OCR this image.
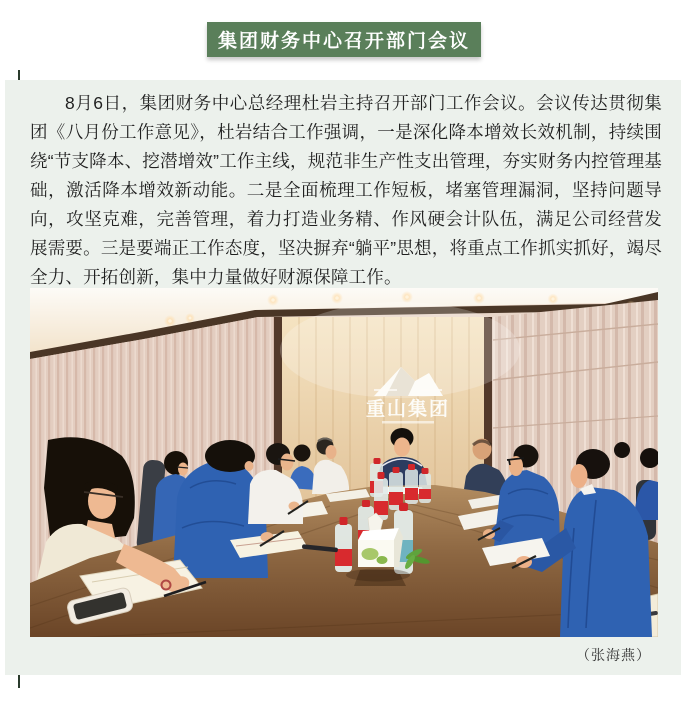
集团财务中心召开部门会议

8月6日，集团财务中心总经理杜岩主持召开部门工作会议。会议传达贯彻集团《八月份工作意见》，杜岩结合工作强调，一是深化降本增效长效机制，持续围绕“节支降本、挖潜增效”工作主线，规范非生产性支出管理，夯实财务内控管理基础，激活降本增效新动能。二是全面梳理工作短板，堵塞管理漏洞，坚持问题导向，攻坚克难，完善管理，着力打造业务精、作风硬会计队伍，满足公司经营发展需要。三是要端正工作态度，坚决摒弃“躺平”思想，将重点工作抓实抓好，竭尽全力、开拓创新，集中力量做好财源保障工作。

重山集团
（张海燕）
